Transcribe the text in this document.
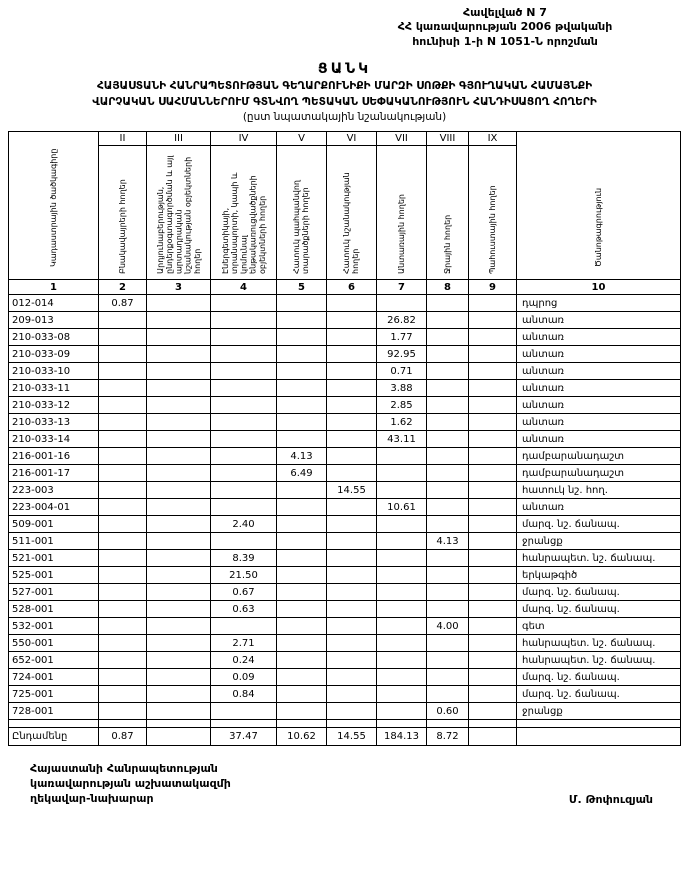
Հավելված N 7
ՀՀ կառավարության 2006 թվականի
հունիսի 1-ի N 1051-Ն որոշման
ՑԱՆԿ
ՀԱՅԱՍՏԱՆԻ ՀԱՆՐԱՊԵՏՈՒԹՅԱՆ ԳԵՂԱՐՔՈՒՆԻՔԻ ՄԱՐԶԻ ՍՈԹՔԻ ԳՅՈՒՂԱԿԱՆ ՀԱՄԱՅՆՔԻ
ՎԱՐՉԱԿԱՆ ՍԱՀՄԱՆՆԵՐՈՒՄ ԳՏՆՎՈՂ ՊԵՏԱԿԱՆ ՍԵՓԱԿԱՆՈՒԹՅՈՒՆ ՀԱՆԴԻՍԱՑՈՂ ՀՈՂԵՐԻ
(ըստ նպատակային նշանակության)
Կադաստրային ծածկագիրը	II	III	IV	V	VI	VII	VIII	IX	Ծանոթագրություն
	Բնակավայրերի հողեր	Արդյունաբերության, ընդերքօգտագործման և այլ արտադրական նշանակության օբյեկտների հողեր	Էներգետիկայի, տրանսպորտի, կապի և կոմունալ ենթակառուցվածքների օբյեկտների հողեր	Հատուկ պահպանվող տարածքների հողեր	Հատուկ նշանակության հողեր	Անտառային հողեր	Ջրային հողեր	Պահուստային հողեր	
1	2	3	4	5	6	7	8	9	10
012-014	0.87								դպրոց
209-013						26.82			անտառ
210-033-08						1.77			անտառ
210-033-09						92.95			անտառ
210-033-10						0.71			անտառ
210-033-11						3.88			անտառ
210-033-12						2.85			անտառ
210-033-13						1.62			անտառ
210-033-14						43.11			անտառ
216-001-16				4.13					դամբարանադաշտ
216-001-17				6.49					դամբարանադաշտ
223-003					14.55				հատուկ նշ. հող.
223-004-01						10.61			անտառ
509-001			2.40						մարզ. նշ. ճանապ.
511-001							4.13		ջրանցք
521-001			8.39						հանրապետ. նշ. ճանապ.
525-001			21.50						երկաթգիծ
527-001			0.67						մարզ. նշ. ճանապ.
528-001			0.63						մարզ. նշ. ճանապ.
532-001							4.00		գետ
550-001			2.71						հանրապետ. նշ. ճանապ.
652-001			0.24						հանրապետ. նշ. ճանապ.
724-001			0.09						մարզ. նշ. ճանապ.
725-001			0.84						մարզ. նշ. ճանապ.
728-001							0.60		ջրանցք

Ընդամենը	0.87		37.47	10.62	14.55	184.13	8.72		
Հայաստանի Հանրապետության
կառավարության աշխատակազմի
ղեկավար-նախարար	Մ. Թոփուզյան
